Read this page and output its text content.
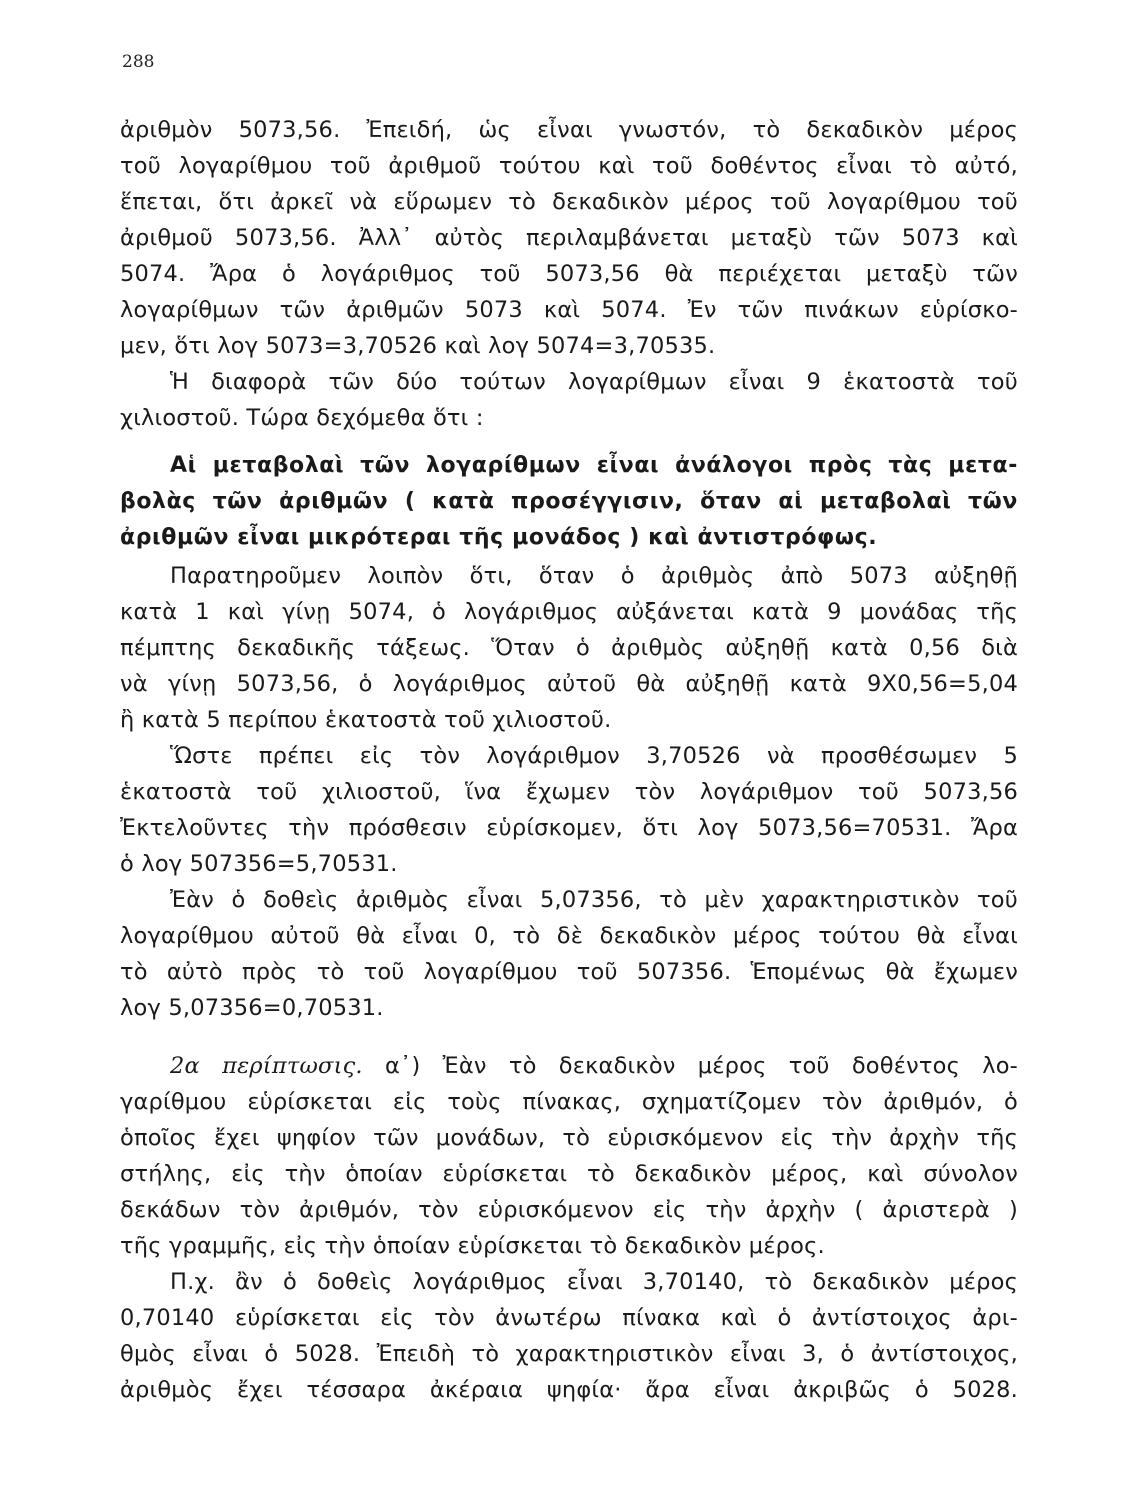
288
ἀριθμὸν 5073,56. Ἐπειδή, ὡς εἶναι γνωστόν, τὸ δεκαδικὸν μέρος
τοῦ λογαρίθμου τοῦ ἀριθμοῦ τούτου καὶ τοῦ δοθέντος εἶναι τὸ αὐτό,
ἕπεται, ὅτι ἀρκεῖ νὰ εὕρωμεν τὸ δεκαδικὸν μέρος τοῦ λογαρίθμου τοῦ
ἀριθμοῦ 5073,56. Ἀλλ᾽ αὐτὸς περιλαμβάνεται μεταξὺ τῶν 5073 καὶ
5074. Ἄρα ὁ λογάριθμος τοῦ 5073,56 θὰ περιέχεται μεταξὺ τῶν
λογαρίθμων τῶν ἀριθμῶν 5073 καὶ 5074. Ἐν τῶν πινάκων εὑρίσκο-
μεν, ὅτι λογ 5073=3,70526 καὶ λογ 5074=3,70535.
Ἡ διαφορὰ τῶν δύο τούτων λογαρίθμων εἶναι 9 ἑκατοστὰ τοῦ
χιλιοστοῦ. Τώρα δεχόμεθα ὅτι :
Αἱ μεταβολαὶ τῶν λογαρίθμων εἶναι ἀνάλογοι πρὸς τὰς μετα-
βολὰς τῶν ἀριθμῶν ( κατὰ προσέγγισιν, ὅταν αἱ μεταβολαὶ τῶν
ἀριθμῶν εἶναι μικρότεραι τῆς μονάδος ) καὶ ἀντιστρόφως.
Παρατηροῦμεν λοιπὸν ὅτι, ὅταν ὁ ἀριθμὸς ἀπὸ 5073 αὐξηθῇ
κατὰ 1 καὶ γίνῃ 5074, ὁ λογάριθμος αὐξάνεται κατὰ 9 μονάδας τῆς
πέμπτης δεκαδικῆς τάξεως. Ὅταν ὁ ἀριθμὸς αὐξηθῇ κατὰ 0,56 διὰ
νὰ γίνῃ 5073,56, ὁ λογάριθμος αὐτοῦ θὰ αὐξηθῇ κατὰ 9X0,56=5,04
ἢ κατὰ 5 περίπου ἑκατοστὰ τοῦ χιλιοστοῦ.
Ὥστε πρέπει εἰς τὸν λογάριθμον 3,70526 νὰ προσθέσωμεν 5
ἑκατοστὰ τοῦ χιλιοστοῦ, ἵνα ἔχωμεν τὸν λογάριθμον τοῦ 5073,56
Ἐκτελοῦντες τὴν πρόσθεσιν εὑρίσκομεν, ὅτι λογ 5073,56=70531. Ἄρα
ὁ λογ 507356=5,70531.
Ἐὰν ὁ δοθεὶς ἀριθμὸς εἶναι 5,07356, τὸ μὲν χαρακτηριστικὸν τοῦ
λογαρίθμου αὐτοῦ θὰ εἶναι 0, τὸ δὲ δεκαδικὸν μέρος τούτου θὰ εἶναι
τὸ αὐτὸ πρὸς τὸ τοῦ λογαρίθμου τοῦ 507356. Ἑπομένως θὰ ἔχωμεν
λογ 5,07356=0,70531.
2α περίπτωσις. α᾽) Ἐὰν τὸ δεκαδικὸν μέρος τοῦ δοθέντος λο-
γαρίθμου εὑρίσκεται εἰς τοὺς πίνακας, σχηματίζομεν τὸν ἀριθμόν, ὁ
ὁποῖος ἔχει ψηφίον τῶν μονάδων, τὸ εὑρισκόμενον εἰς τὴν ἀρχὴν τῆς
στήλης, εἰς τὴν ὁποίαν εὑρίσκεται τὸ δεκαδικὸν μέρος, καὶ σύνολον
δεκάδων τὸν ἀριθμόν, τὸν εὑρισκόμενον εἰς τὴν ἀρχὴν ( ἀριστερὰ )
τῆς γραμμῆς, εἰς τὴν ὁποίαν εὑρίσκεται τὸ δεκαδικὸν μέρος.
Π.χ. ἂν ὁ δοθεὶς λογάριθμος εἶναι 3,70140, τὸ δεκαδικὸν μέρος
0,70140 εὑρίσκεται εἰς τὸν ἀνωτέρω πίνακα καὶ ὁ ἀντίστοιχος ἀρι-
θμὸς εἶναι ὁ 5028. Ἐπειδὴ τὸ χαρακτηριστικὸν εἶναι 3, ὁ ἀντίστοιχος,
ἀριθμὸς ἔχει τέσσαρα ἀκέραια ψηφία· ἄρα εἶναι ἀκριβῶς ὁ 5028.
